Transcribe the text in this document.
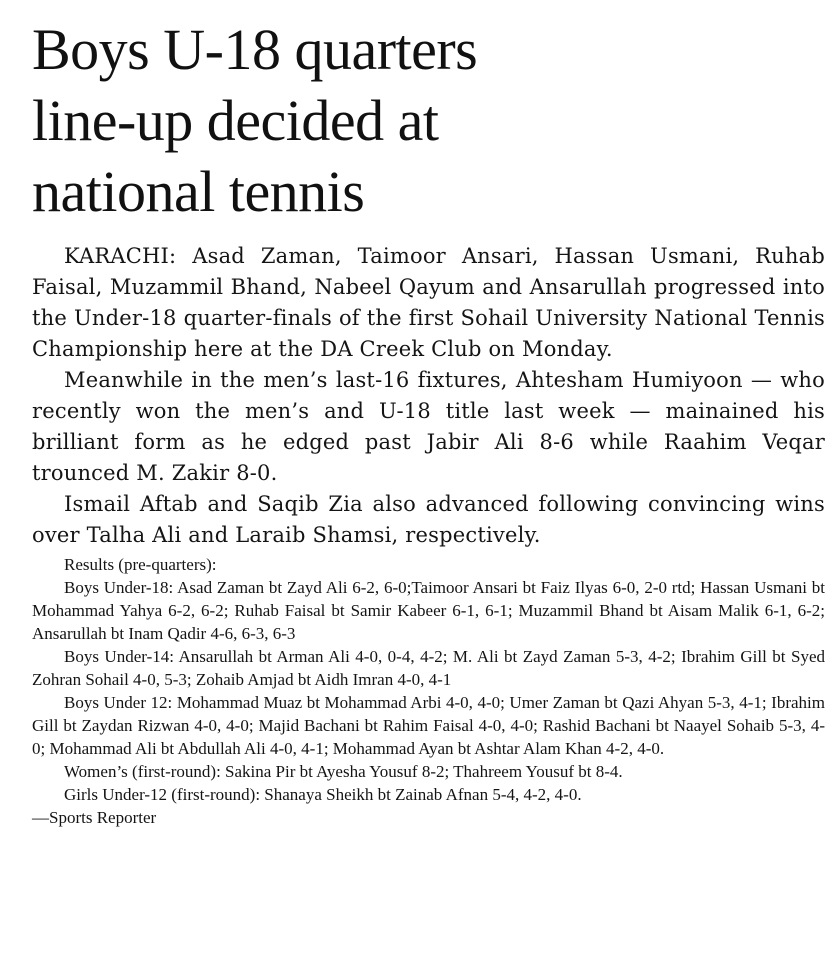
Boys U-18 quarters
line-up decided at
national tennis

KARACHI: Asad Zaman, Taimoor Ansari, Hassan Usmani, Ruhab Faisal, Muzammil Bhand, Nabeel Qayum and Ansarullah progressed into the Under-18 quarter-finals of the first Sohail University National Tennis Championship here at the DA Creek Club on Monday.

Meanwhile in the men’s last-16 fixtures, Ahtesham Humiyoon — who recently won the men’s and U-18 title last week — mainained his brilliant form as he edged past Jabir Ali 8-6 while Raahim Veqar trounced M. Zakir 8-0.

Ismail Aftab and Saqib Zia also advanced following convincing wins over Talha Ali and Laraib Shamsi, respectively.

Results (pre-quarters):

Boys Under-18: Asad Zaman bt Zayd Ali 6-2, 6-0;Taimoor Ansari bt Faiz Ilyas 6-0, 2-0 rtd; Hassan Usmani bt Mohammad Yahya 6-2, 6-2; Ruhab Faisal bt Samir Kabeer 6-1, 6-1; Muzammil Bhand bt Aisam Malik 6-1, 6-2; Ansarullah bt Inam Qadir 4-6, 6-3, 6-3

Boys Under-14: Ansarullah bt Arman Ali 4-0, 0-4, 4-2; M. Ali bt Zayd Zaman 5-3, 4-2; Ibrahim Gill bt Syed Zohran Sohail 4-0, 5-3; Zohaib Amjad bt Aidh Imran 4-0, 4-1

Boys Under 12: Mohammad Muaz bt Mohammad Arbi 4-0, 4-0; Umer Zaman bt Qazi Ahyan 5-3, 4-1; Ibrahim Gill bt Zaydan Rizwan 4-0, 4-0; Majid Bachani bt Rahim Faisal 4-0, 4-0; Rashid Bachani bt Naayel Sohaib 5-3, 4-0; Mohammad Ali bt Abdullah Ali 4-0, 4-1; Mohammad Ayan bt Ashtar Alam Khan 4-2, 4-0.

Women’s (first-round): Sakina Pir bt Ayesha Yousuf 8-2; Thahreem Yousuf bt 8-4.

Girls Under-12 (first-round): Shanaya Sheikh bt Zainab Afnan 5-4, 4-2, 4-0.

—Sports Reporter
